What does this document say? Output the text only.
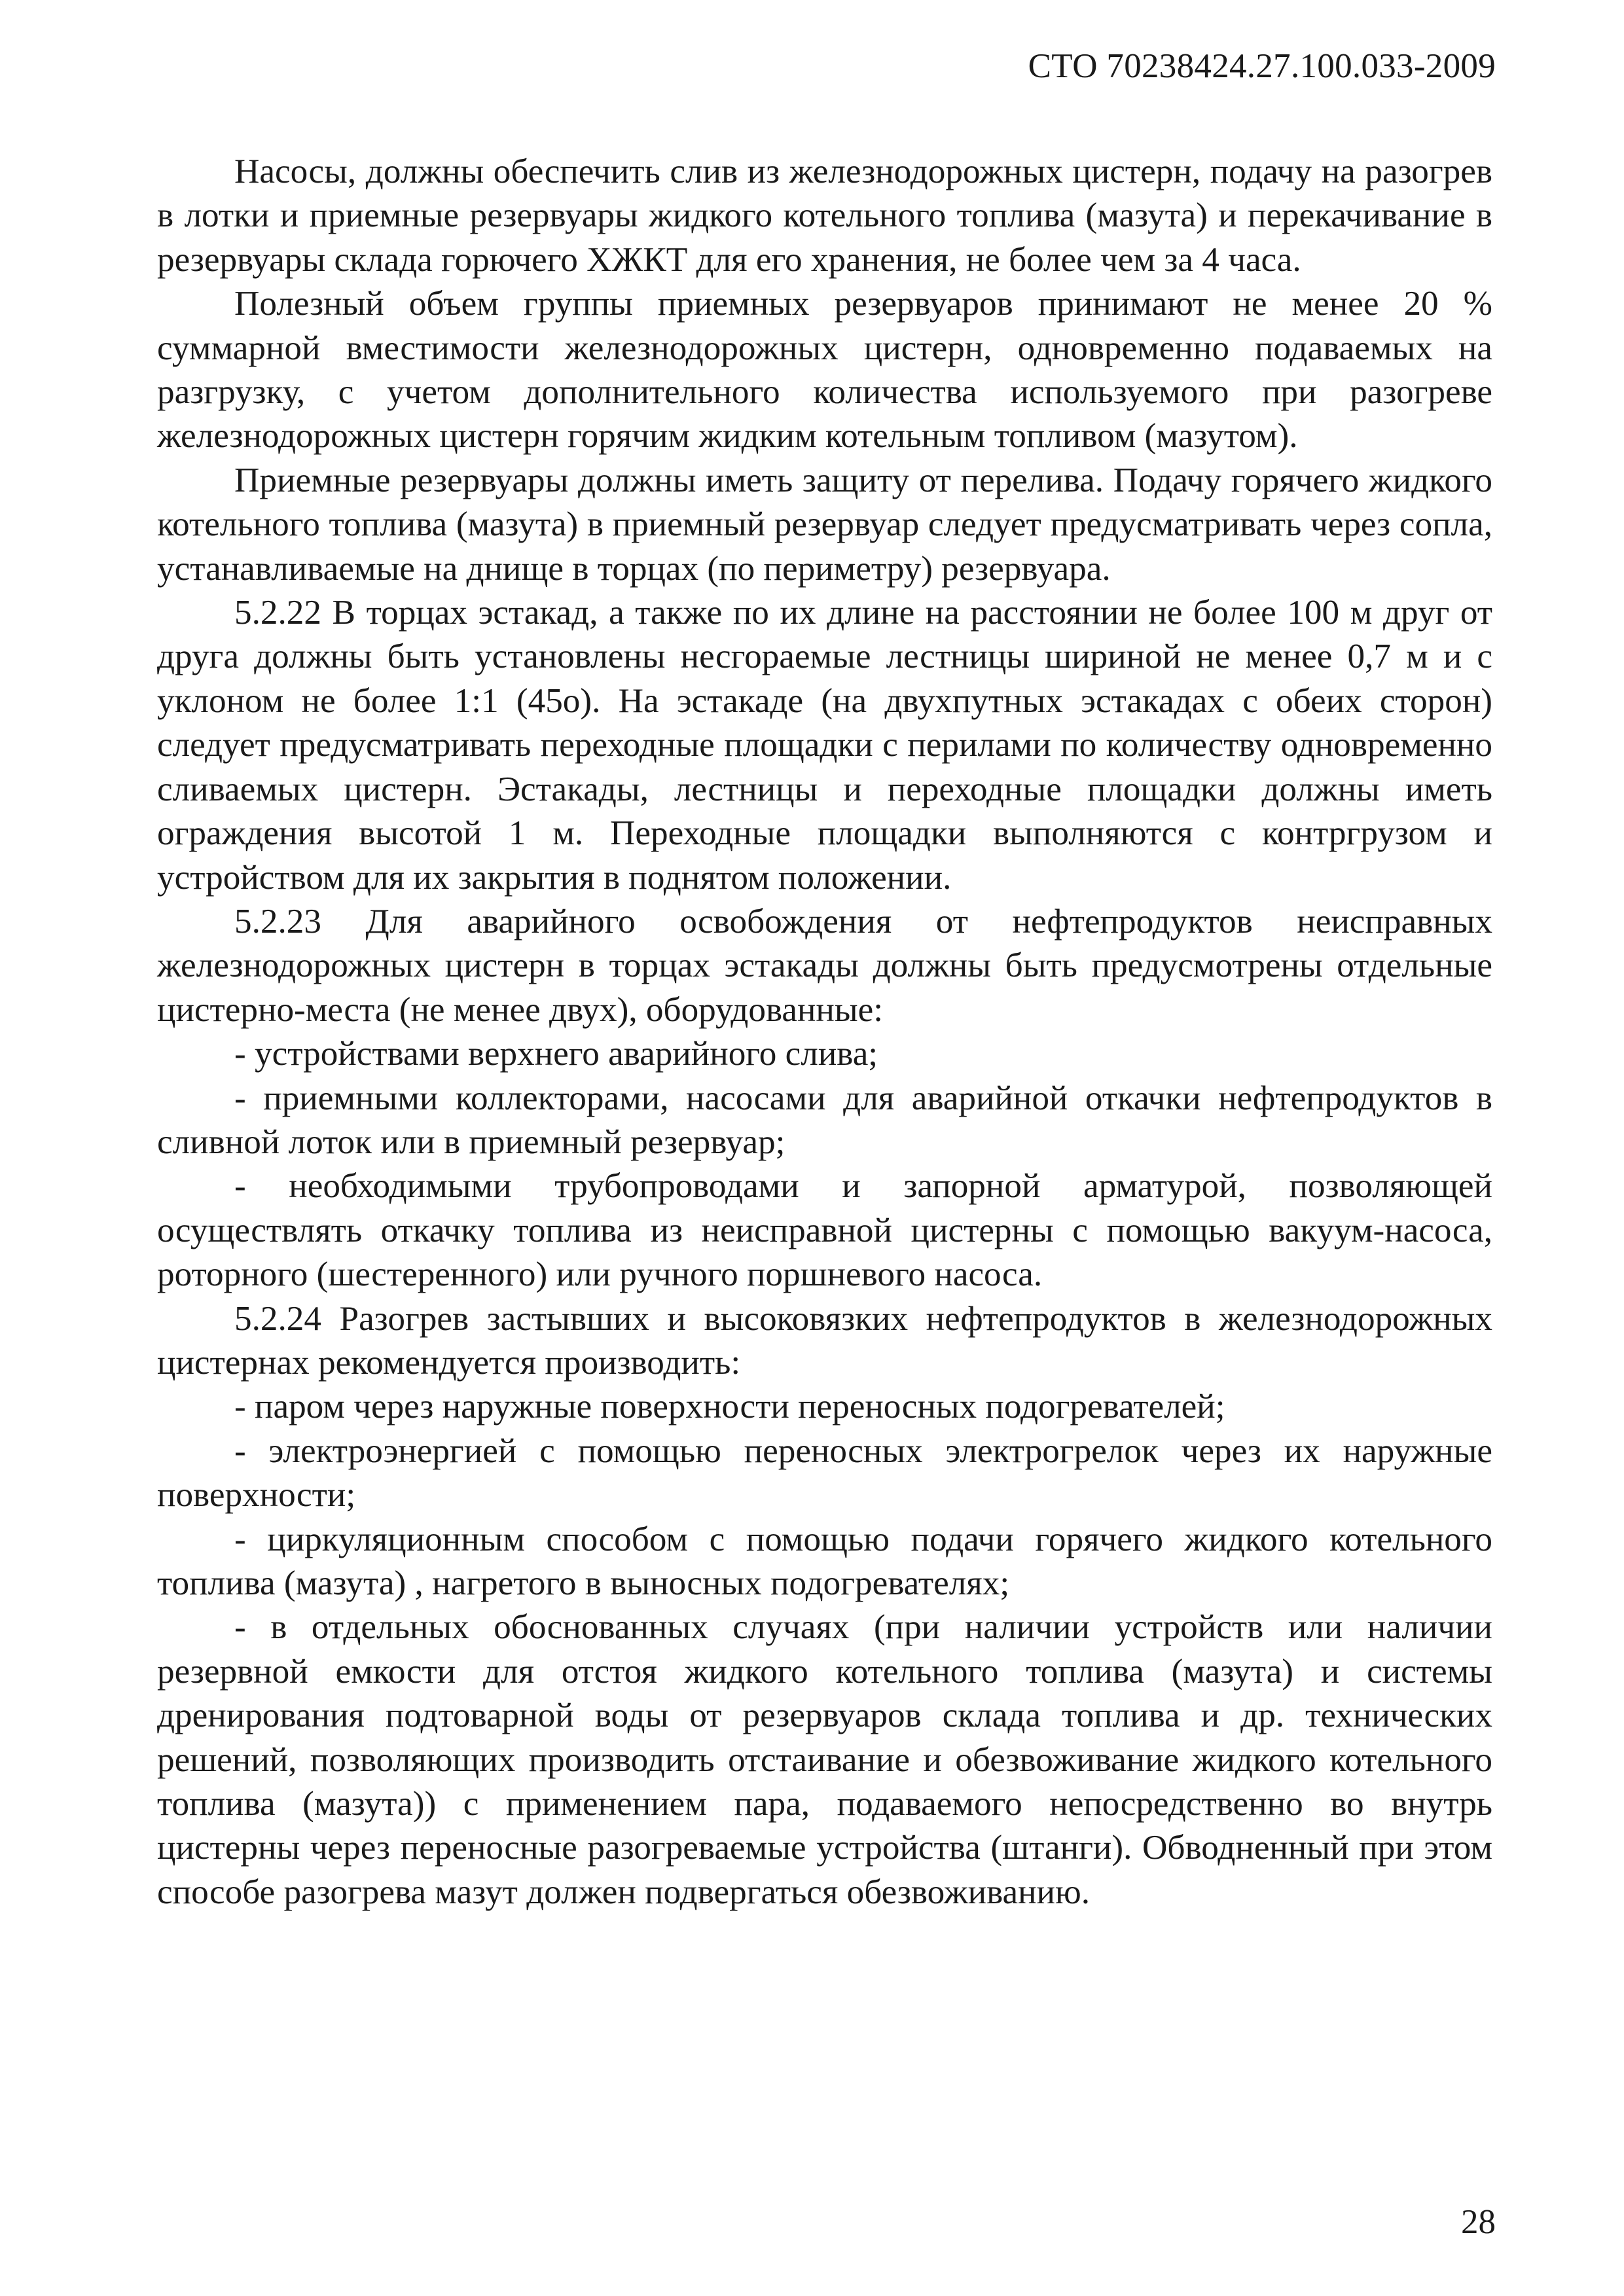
СТО 70238424.27.100.033-2009

Насосы, должны обеспечить слив из железнодорожных цистерн, подачу на разогрев в лотки и приемные резервуары жидкого котельного топлива (мазута) и перекачивание в резервуары склада горючего ХЖКТ для его хранения, не более чем за 4 часа.

Полезный объем группы приемных резервуаров принимают не менее 20 % суммарной вместимости железнодорожных цистерн, одновременно подаваемых на разгрузку, с учетом дополнительного количества используемого при разогреве железнодорожных цистерн горячим жидким котельным топливом (мазутом).

Приемные резервуары должны иметь защиту от перелива. Подачу горячего жидкого котельного топлива (мазута) в приемный резервуар следует предусматривать через сопла, устанавливаемые на днище в торцах (по периметру) резервуара.

5.2.22 В торцах эстакад, а также по их длине на расстоянии не более 100 м друг от друга должны быть установлены несгораемые лестницы шириной не менее 0,7 м и с уклоном не более 1:1 (45о). На эстакаде (на двухпутных эстакадах с обеих сторон) следует предусматривать переходные площадки с перилами по количеству одновременно сливаемых цистерн. Эстакады, лестницы и переходные площадки должны иметь ограждения высотой 1 м. Переходные площадки выполняются с контргрузом и устройством для их закрытия в поднятом положении.

5.2.23 Для аварийного освобождения от нефтепродуктов неисправных железнодорожных цистерн в торцах эстакады должны быть предусмотрены отдельные цистерно-места (не менее двух), оборудованные:

- устройствами верхнего аварийного слива;

- приемными коллекторами, насосами для аварийной откачки нефтепродуктов в сливной лоток или в приемный резервуар;

- необходимыми трубопроводами и запорной арматурой, позволяющей осуществлять откачку топлива из неисправной цистерны с помощью вакуум-насоса, роторного (шестеренного) или ручного поршневого насоса.

5.2.24 Разогрев застывших и высоковязких нефтепродуктов в железнодорожных цистернах рекомендуется производить:

- паром через наружные поверхности переносных подогревателей;

- электроэнергией с помощью переносных электрогрелок через их наружные поверхности;

- циркуляционным способом с помощью подачи горячего жидкого котельного топлива (мазута) , нагретого в выносных подогревателях;

- в отдельных обоснованных случаях (при наличии устройств или наличии резервной емкости для отстоя жидкого котельного топлива (мазута) и системы дренирования подтоварной воды от резервуаров склада топлива и др. технических решений, позволяющих производить отстаивание и обезвоживание жидкого котельного топлива (мазута)) с применением пара, подаваемого непосредственно во внутрь цистерны через переносные разогреваемые устройства (штанги). Обводненный при этом способе разогрева мазут должен подвергаться обезвоживанию.

28
